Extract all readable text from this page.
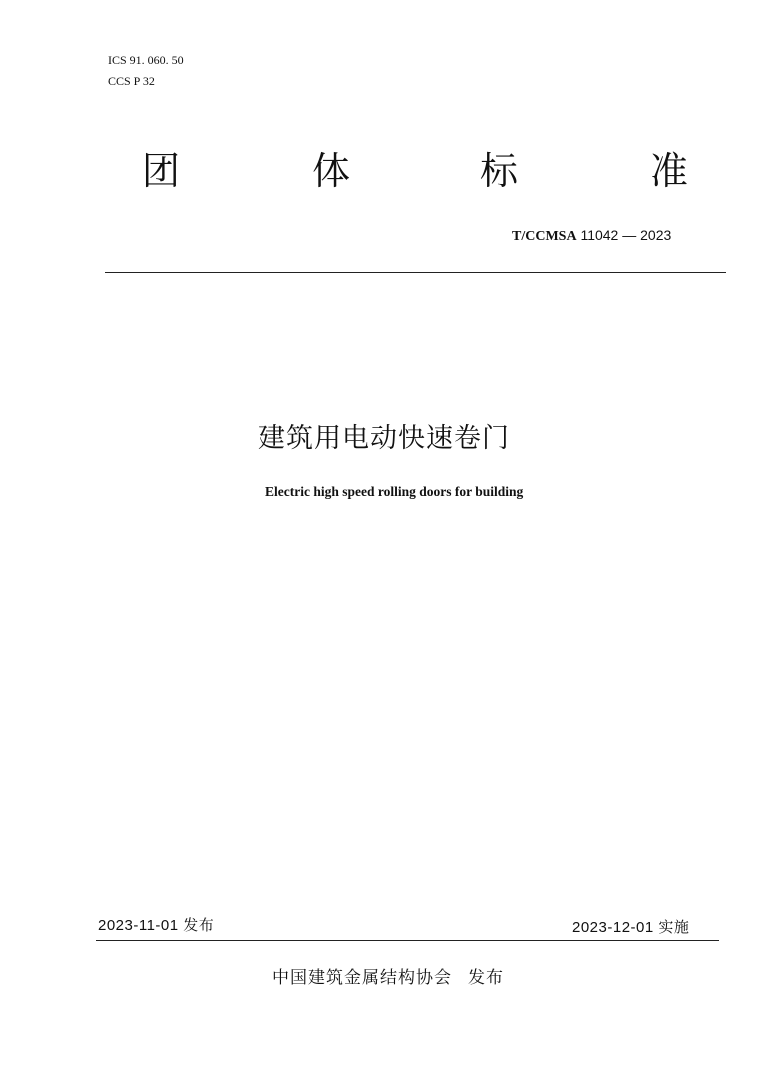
ICS 91. 060. 50
CCS P 32
团	体	标	准
T/CCMSA 11042 — 2023
建筑用电动快速卷门
Electric high speed rolling doors for building
2023-11-01 发布	2023-12-01 实施
中国建筑金属结构协会 发布
